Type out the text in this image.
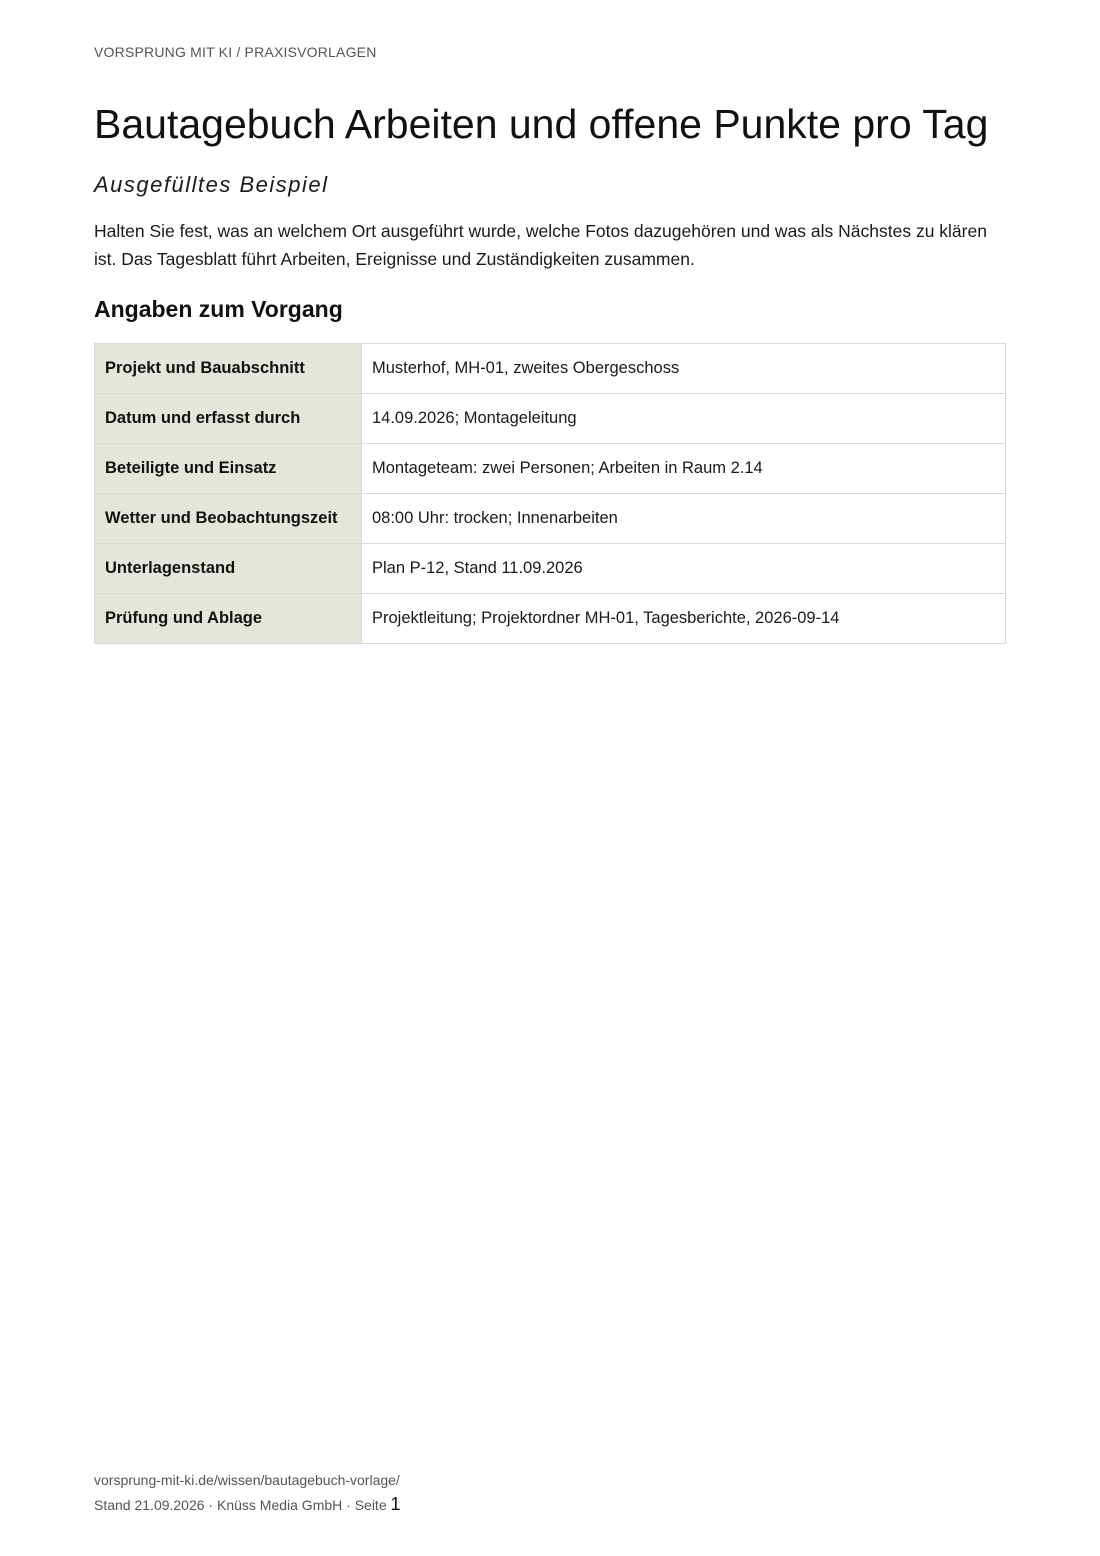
VORSPRUNG MIT KI / PRAXISVORLAGEN
Bautagebuch Arbeiten und offene Punkte pro Tag
Ausgefülltes Beispiel

Halten Sie fest, was an welchem Ort ausgeführt wurde, welche Fotos dazugehören und was als Nächstes zu klären ist. Das Tagesblatt führt Arbeiten, Ereignisse und Zuständigkeiten zusammen.

Angaben zum Vorgang
Projekt und Bauabschnitt	Musterhof, MH-01, zweites Obergeschoss
Datum und erfasst durch	14.09.2026; Montageleitung
Beteiligte und Einsatz	Montageteam: zwei Personen; Arbeiten in Raum 2.14
Wetter und Beobachtungszeit	08:00 Uhr: trocken; Innenarbeiten
Unterlagenstand	Plan P-12, Stand 11.09.2026
Prüfung und Ablage	Projektleitung; Projektordner MH-01, Tagesberichte, 2026-09-14
vorsprung-mit-ki.de/wissen/bautagebuch-vorlage/
Stand 21.09.2026 · Knüss Media GmbH · Seite 1
